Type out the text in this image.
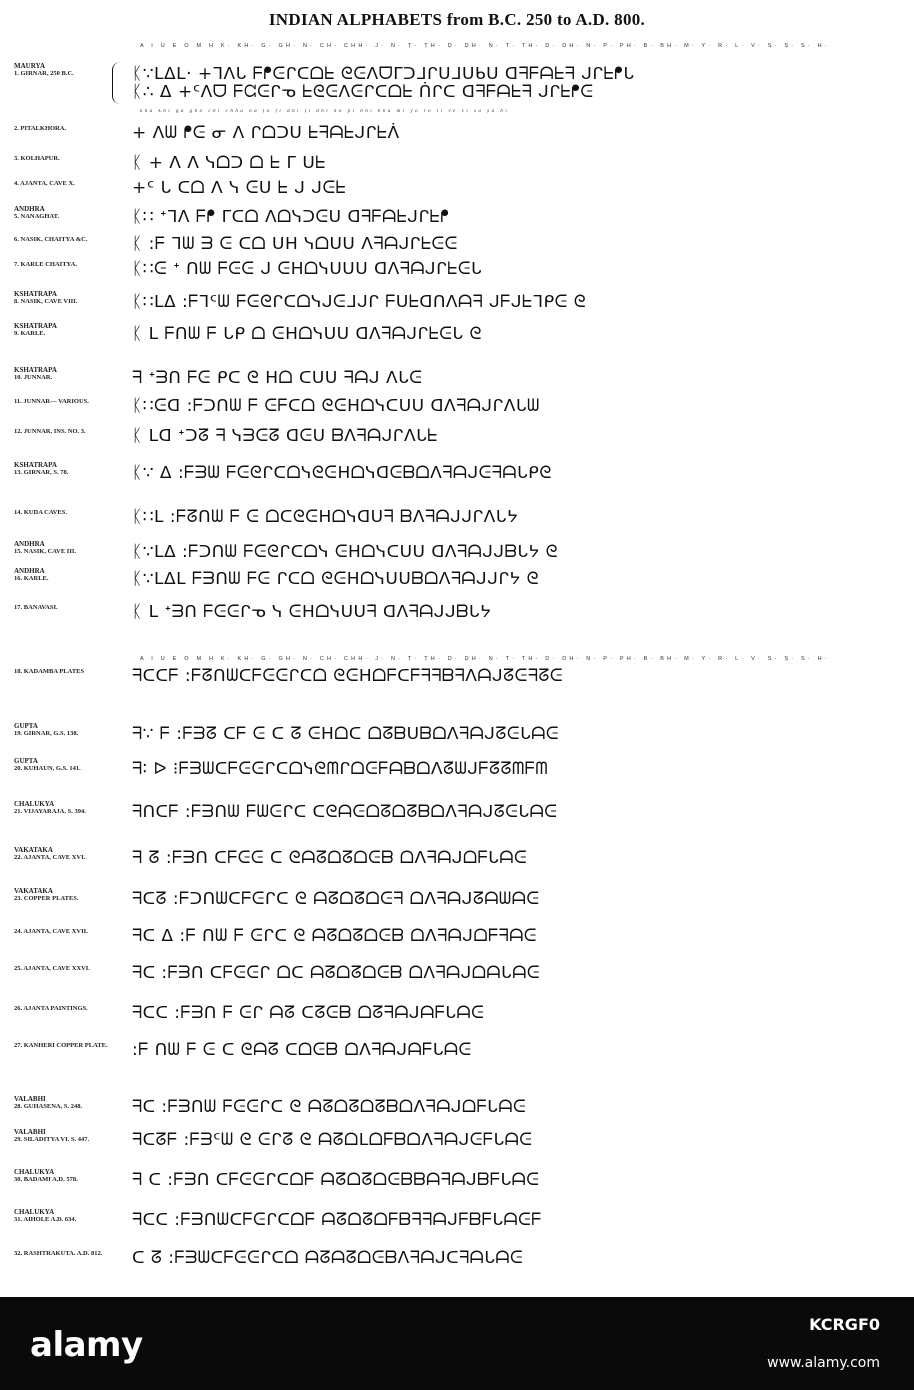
INDIAN ALPHABETS from B.C. 250 to A.D. 800.
A I U E O Ṁ Ḥ K· KH· G· GH· Ṅ· CH· CHH· J· Ñ· Ṭ· ṬH· Ḍ· ḌH· Ṇ· T· TH· D· DH· N· P· PH· B· BH· M· Y· R· L· V· Ś· Ṣ· S· H·
MAURYA
1. GIRNAR, 250 B.C.	ᛕ∵ᒪᐃᒪ· +ᒣᐱᒐ ᖴᖰᕮᒋᑕᗝᖶ ᘓᕮᐱᗜᒥᑐᒧᒋᑌᒧᑌᑲᑌ ᗡᖷᖴᗩᖶᖷ ᒍᒋᖶᖰᒐ
ᛕ∴ ᐃ +ᑦᐱᗜ ᖴᘳᕮᒋᓀ ᖶᘓᕮᐱᕮᒋᑕᗝᖶ ᑏᒋᑕ ᗡᖷᖴᗩᖶᖷ ᒍᒋᖶᖰᕮ
2. PITALKHORA.	+ ᐱᗯ ᖰᕮ ᓂ ᐱ ᒋᗝᑐᑌ ᖶᖷᗩᖶᒍᒋᖶᐲ
3. KOLHAPUR.	ᛕ + ᐱ ᐱ ᓭᗝᑐ ᗝ ᖶ ᒥ ᑌᖶ
4. AJANTA, CAVE X.	+ᑦ ᒐ ᑕᗝ ᐱ ᓭ ᕮᑌ ᖶ ᒍ ᒍᕮᖶ
ANDHRA
5. NANAGHAT.	ᛕ∷ ᐩᒣᐱ ᖴᖰ ᒥᑕᗝ ᐱᗝᓭᑐᕮᑌ ᗡᖷᖴᗩᖶᒍᒋᖶᖰ
6. NASIK, CHAITYA &C.	ᛕ :ᖴ ᒣᗯ ᗱ ᕮ ᑕᗝ ᑌᕼ ᓭᗝᑌᑌ ᐱᖷᗩᒍᒋᖶᕮᕮ
7. KARLE CHAITYA.	ᛕ∷ᕮ ᐩ ᑎᗯ ᖴᕮᕮ ᒍ ᕮᕼᗝᓭᑌᑌᑌ ᗡᐱᖷᗩᒍᒋᖶᕮᒐ
KSHATRAPA
8. NASIK, CAVE VIII.	ᛕ∷ᒪᐃ :ᖴᒣᑦᗯ ᖴᕮᘓᒋᑕᗝᓭᒍᕮᒧᒍᒋ ᖴᑌᖶᗡᑎᐱᗩᖷ ᒍᖴᒍᖶᒣᑭᕮ ᘓ
KSHATRAPA
9. KARLE.	ᛕ ᒪ ᖴᑎᗯ ᖴ ᒐᑭ ᗝ ᕮᕼᗝᓭᑌᑌ ᗡᐱᖷᗩᒍᒋᖶᕮᒐ ᘓ
KSHATRAPA
10. JUNNAR.	ᖷ ᐩᗱᑎ ᖴᕮ ᑭᑕ ᘓ ᕼᗝ ᑕᑌᑌ ᖷᗩᒍ ᐱᒐᕮ
11. JUNNAR— VARIOUS.	ᛕ∷ᕮᗡ :ᖴᑐᑎᗯ ᖴ ᕮᖴᑕᗝ ᘓᕮᕼᗝᓭᑕᑌᑌ ᗡᐱᖷᗩᒍᒋᐱᒐᗯ
12. JUNNAR, INS. NO. 3.	ᛕ ᒪᗡ ᐩᑐᘔ ᖷ ᓭᗱᕮᘔ ᗡᕮᑌ ᗷᐱᖷᗩᒍᒋᐱᒐᖶ
KSHATRAPA
13. GIRNAR, S. 78.	ᛕ∵ ᐃ :ᖴᗱᗯ ᖴᕮᘓᒋᑕᗝᓭᘓᕮᕼᗝᓭᗡᕮᗷᗝᐱᖷᗩᒍᕮᖷᗩᒐᑭᘓ
14. KUDA CAVES.	ᛕ∷ᒪ :ᖴᘔᑎᗯ ᖴ ᕮ ᗝᑕᘓᕮᕼᗝᓭᗡᑌᖷ ᗷᐱᖷᗩᒍᒍᒋᐱᒐᔭ
ANDHRA
15. NASIK, CAVE III.	ᛕ∵ᒪᐃ :ᖴᑐᑎᗯ ᖴᕮᘓᒋᑕᗝᓭ ᕮᕼᗝᓭᑕᑌᑌ ᗡᐱᖷᗩᒍᒍᗷᒐᔭ ᘓ
ANDHRA
16. KARLE.	ᛕ∵ᒪᐃᒪ ᖴᗱᑎᗯ ᖴᕮ ᒋᑕᗝ ᘓᕮᕼᗝᓭᑌᑌᗷᗝᐱᖷᗩᒍᒍᒋᔭ ᘓ
17. BANAVASI.	ᛕ ᒪ ᐩᗱᑎ ᖴᕮᕮᒋᓀ ᓭ ᕮᕼᗝᓭᑌᑌᖷ ᗡᐱᖷᗩᒍᒍᗷᒐᔭ
18. KADAMBA PLATES	ᖷᑕᑕᖴ :ᖴᘔᑎᗯᑕᖴᕮᕮᒋᑕᗝ ᘓᕮᕼᗝᖴᑕᖴᖷᖷᗷᖷᐱᗩᒍᘔᕮᖷᘔᕮ
GUPTA
19. GIRNAR, G.S. 138.	ᖷ∵ ᖴ :ᖴᗱᘔ ᑕᖴ ᕮ ᑕ ᘔ ᕮᕼᗝᑕ ᗝᘔᗷᑌᗷᗝᐱᖷᗩᒍᘔᕮᒐᗩᕮ
GUPTA
20. KUHAUN, G.S. 141.	ᖷ∶ ᐅ ⁝ᖴᗱᗯᑕᖴᕮᕮᒋᑕᗝᓭᘓᗰᒋᗝᕮᖴᗩᗷᗝᐱᘔᗯᒍᖴᘔᘔᗰᖴᗰ
CHALUKYA
21. VIJAYARAJA. S. 394.	ᖷᑎᑕᖴ :ᖴᗱᑎᗯ ᖴᗯᕮᒋᑕ ᑕᘓᗩᕮᗝᘔᗝᘔᗷᗝᐱᖷᗩᒍᘔᕮᒐᗩᕮ
VAKATAKA
22. AJANTA, CAVE XVI.	ᖷ ᘔ :ᖴᗱᑎ ᑕᖴᕮᕮ ᑕ ᘓᗩᘔᗝᘔᗝᕮᗷ ᗝᐱᖷᗩᒍᗝᖴᒐᗩᕮ
VAKATAKA
23. COPPER PLATES.	ᖷᑕᘔ :ᖴᑐᑎᗯᑕᖴᕮᒋᑕ ᘓ ᗩᘔᗝᘔᗝᕮᖷ ᗝᐱᖷᗩᒍᘔᗩᗯᗩᕮ
24. AJANTA, CAVE XVII.	ᖷᑕ ᐃ :ᖴ ᑎᗯ ᖴ ᕮᒋᑕ ᘓ ᗩᘔᗝᘔᗝᕮᗷ ᗝᐱᖷᗩᒍᗝᖴᖷᗩᕮ
25. AJANTA, CAVE XXVI.	ᖷᑕ :ᖴᗱᑎ ᑕᖴᕮᕮᒋ ᗝᑕ ᗩᘔᗝᘔᗝᕮᗷ ᗝᐱᖷᗩᒍᗝᗩᒐᗩᕮ
26. AJANTA PAINTINGS.	ᖷᑕᑕ :ᖴᗱᑎ ᖴ ᕮᒋ ᗩᘔ ᑕᘔᕮᗷ ᗝᘔᖷᗩᒍᗩᖴᒐᗩᕮ
27. KANHERI COPPER PLATE.	:ᖴ ᑎᗯ ᖴ ᕮ ᑕ ᘓᗩᘔ ᑕᗝᕮᗷ ᗝᐱᖷᗩᒍᗩᖴᒐᗩᕮ
VALABHI
28. GUHASENA, S. 248.	ᖷᑕ :ᖴᗱᑎᗯ ᖴᕮᕮᒋᑕ ᘓ ᗩᘔᗝᘔᗝᘔᗷᗝᐱᖷᗩᒍᗝᖴᒐᗩᕮ
VALABHI
29. SILADITYA VI. S. 447.	ᖷᑕᘔᖴ :ᖴᗱᑦᗯ ᘓ ᕮᒋᘔ ᘓ ᗩᘔᗝᒪᗝᖴᗷᗝᐱᖷᗩᒍᕮᖴᒐᗩᕮ
CHALUKYA
30. BADAMI A.D. 578.	ᖷ ᑕ :ᖴᗱᑎ ᑕᖴᕮᕮᒋᑕᗝᖴ ᗩᘔᗝᘔᗝᕮᗷᗷᗩᖷᗩᒍᗷᖴᒐᗩᕮ
CHALUKYA
31. AIHOLE A.D. 634.	ᖷᑕᑕ :ᖴᗱᑎᗯᑕᖴᕮᒋᑕᗝᖴ ᗩᘔᗝᘔᗝᖴᗷᖷᖷᗩᒍᖴᗷᖴᒐᗩᕮᖴ
32. RASHTRAKUTA. A.D. 812.	ᑕ ᘔ :ᖴᗱᗯᑕᖴᕮᕮᒋᑕᗝ ᗩᘔᗩᘔᗝᕮᗷᐱᖷᗩᒍᑕᖷᗩᒐᗩᕮ
kha khi ga gho chi chha ña ṭo ṭi dhi ṭi dhi no pi bhi bhu mi yo ro li ve vi śa ṣa hi
A I U E O Ṁ Ḥ K· KH· G· GH· Ṅ· CH· CHH· J· Ñ· Ṭ· ṬH· Ḍ· ḌH· Ṇ· T· TH· D· DH· N· P· PH· B· BH· M· Y· R· L· V· Ś· Ṣ· S· H·
alamy
KCRGF0
www.alamy.com
